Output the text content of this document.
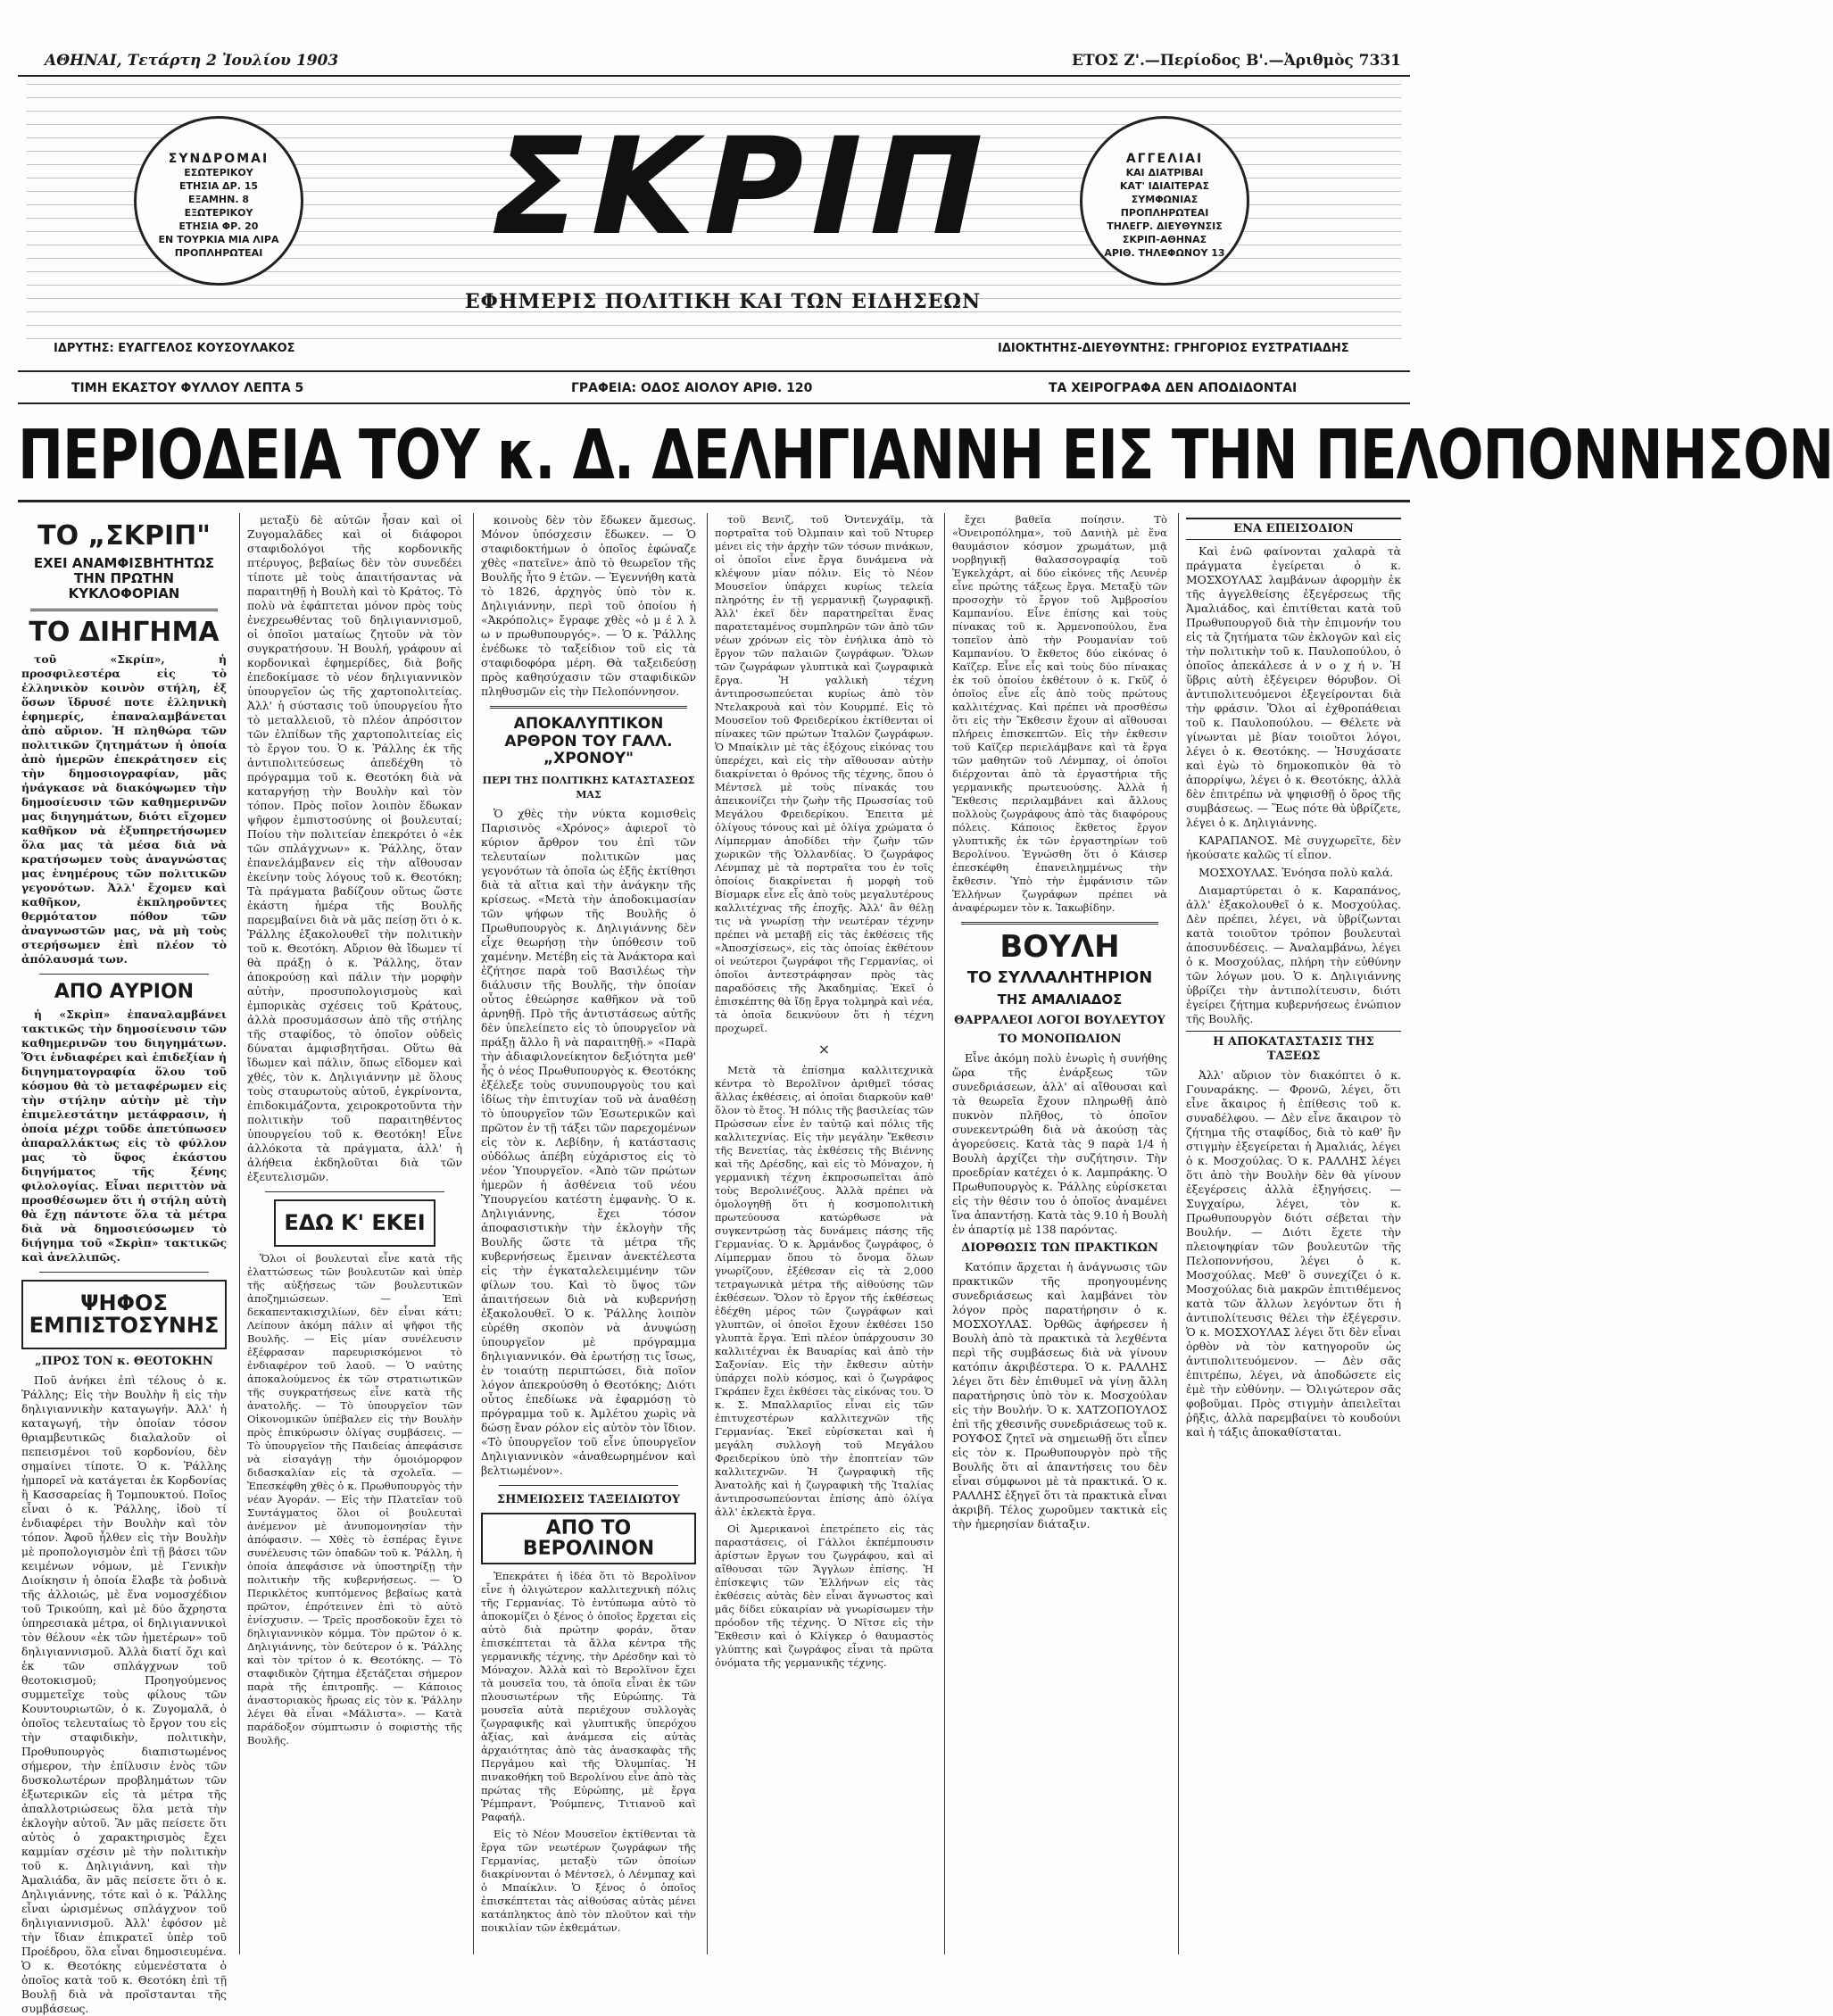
ΑΘΗΝΑΙ, Τετάρτη 2 Ἰουλίου 1903	ΕΤΟΣ Ζ'.—Περίοδος Β'.—Ἀριθμὸς 7331
ΣΥΝΔΡΟΜΑΙ
ΕΣΩΤΕΡΙΚΟΥ
ΕΤΗΣΙΑ ΔΡ. 15
ΕΞΑΜΗΝ. 8
ΕΞΩΤΕΡΙΚΟΥ
ΕΤΗΣΙΑ ΦΡ. 20
ΕΝ ΤΟΥΡΚΙΑ ΜΙΑ ΛΙΡΑ
ΠΡΟΠΛΗΡΩΤΕΑΙ ΣΚΡΙΠ
ΕΦΗΜΕΡΙΣ ΠΟΛΙΤΙΚΗ ΚΑΙ ΤΩΝ ΕΙΔΗΣΕΩΝ
ΑΓΓΕΛΙΑΙ
ΚΑΙ ΔΙΑΤΡΙΒΑΙ
ΚΑΤ' ΙΔΙΑΙΤΕΡΑΣ
ΣΥΜΦΩΝΙΑΣ
ΠΡΟΠΛΗΡΩΤΕΑΙ
ΤΗΛΕΓΡ. ΔΙΕΥΘΥΝΣΙΣ
ΣΚΡΙΠ-ΑΘΗΝΑΣ
ΑΡΙΘ. ΤΗΛΕΦΩΝΟΥ 13
ΙΔΡΥΤΗΣ: ΕΥΑΓΓΕΛΟΣ ΚΟΥΣΟΥΛΑΚΟΣ	ΙΔΙΟΚΤΗΤΗΣ-ΔΙΕΥΘΥΝΤΗΣ: ΓΡΗΓΟΡΙΟΣ ΕΥΣΤΡΑΤΙΑΔΗΣ
ΤΙΜΗ ΕΚΑΣΤΟΥ ΦΥΛΛΟΥ ΛΕΠΤΑ 5	ΓΡΑΦΕΙΑ: ΟΔΟΣ ΑΙΟΛΟΥ ΑΡΙΘ. 120	ΤΑ ΧΕΙΡΟΓΡΑΦΑ ΔΕΝ ΑΠΟΔΙΔΟΝΤΑΙ
ΠΕΡΙΟΔΕΙΑ ΤΟΥ κ. Δ. ΔΕΛΗΓΙΑΝΝΗ ΕΙΣ ΤΗΝ ΠΕΛΟΠΟΝΝΗΣΟΝ
ΤΟ „ΣΚΡΙΠ"
ΕΧΕΙ ΑΝΑΜΦΙΣΒΗΤΗΤΩΣ ΤΗΝ ΠΡΩΤΗΝ ΚΥΚΛΟΦΟΡΙΑΝ
ΤΟ ΔΙΗΓΗΜΑ

τοῦ «Σκρίπ», ἡ προσφιλεστέρα εἰς τὸ ἑλληνικὸν κοινὸν στήλη, ἐξ ὅσων ἵδρυσέ ποτε ἑλληνικὴ ἐφημερίς, ἐπαναλαμβάνεται ἀπὸ αὔριον. Ἡ πληθώρα τῶν πολιτικῶν ζητημάτων ἡ ὁποία ἀπὸ ἡμερῶν ἐπεκράτησεν εἰς τὴν δημοσιογραφίαν, μᾶς ἠνάγκασε νὰ διακόψωμεν τὴν δημοσίευσιν τῶν καθημερινῶν μας διηγημάτων, διότι εἴχομεν καθῆκον νὰ ἐξυπηρετήσωμεν ὅλα μας τὰ μέσα διὰ νὰ κρατήσωμεν τοὺς ἀναγνώστας μας ἐνημέρους τῶν πολιτικῶν γεγονότων. Ἀλλ' ἔχομεν καὶ καθῆκον, ἐκπληροῦντες θερμότατον πόθον τῶν ἀναγνωστῶν μας, νὰ μὴ τοὺς στερήσωμεν ἐπὶ πλέον τὸ ἀπόλαυσμά των.

ΑΠΟ ΑΥΡΙΟΝ

ἡ «Σκρὶπ» ἐπαναλαμβάνει τακτικῶς τὴν δημοσίευσιν τῶν καθημερινῶν του διηγημάτων. Ὅτι ἐνδιαφέρει καὶ ἐπιδεξίαν ἡ διηγηματογραφία ὅλου τοῦ κόσμου θὰ τὸ μεταφέρωμεν εἰς τὴν στήλην αὐτὴν μὲ τὴν ἐπιμελεστάτην μετάφρασιν, ἡ ὁποία μέχρι τοῦδε ἀπετύπωσεν ἀπαραλλάκτως εἰς τὸ φύλλον μας τὸ ὕφος ἑκάστου διηγήματος τῆς ξένης φιλολογίας. Εἶναι περιττὸν νὰ προσθέσωμεν ὅτι ἡ στήλη αὐτὴ θὰ ἔχῃ πάντοτε ὅλα τὰ μέτρα διὰ νὰ δημοσιεύσωμεν τὸ διήγημα τοῦ «Σκρὶπ» τακτικῶς καὶ ἀνελλιπῶς.

ΨΗΦΟΣ ΕΜΠΙΣΤΟΣΥΝΗΣ
„ΠΡΟΣ ΤΟΝ κ. ΘΕΟΤΟΚΗΝ

Ποῦ ἀνήκει ἐπὶ τέλους ὁ κ. Ῥάλλης; Εἰς τὴν Βουλὴν ἢ εἰς τὴν δηλιγιαννικὴν καταγωγήν. Ἀλλ' ἡ καταγωγή, τὴν ὁποίαν τόσον θριαμβευτικῶς διαλαλοῦν οἱ πεπεισμένοι τοῦ κορδονίου, δὲν σημαίνει τίποτε. Ὁ κ. Ῥάλλης ἡμπορεῖ νὰ κατάγεται ἐκ Κορδονίας ἢ Κασσαρείας ἢ Τομπουκτού. Ποῖος εἶναι ὁ κ. Ῥάλλης, ἰδοὺ τί ἐνδιαφέρει τὴν Βουλὴν καὶ τὸν τόπον. Ἀφοῦ ἦλθεν εἰς τὴν Βουλὴν μὲ προπολογισμὸν ἐπὶ τῇ βάσει τῶν κειμένων νόμων, μὲ Γενικὴν Διοίκησιν ἡ ὁποία ἔλαβε τὰ ῥοδινὰ τῆς ἀλλοιώς, μὲ ἕνα νομοσχέδιον τοῦ Τρικούπη, καὶ μὲ δύο ἄχρηστα ὑπηρεσιακὰ μέτρα, οἱ δηλιγιαννικοὶ τὸν θέλουν «ἐκ τῶν ἡμετέρων» τοῦ δηλιγιαννισμοῦ. Ἀλλὰ διατί ὄχι καὶ ἐκ τῶν σπλάγχνων τοῦ θεοτοκισμοῦ; Προηγούμενος συμμετεῖχε τοὺς φίλους τῶν Κουντουριωτῶν, ὁ κ. Ζυγομαλᾶ, ὁ ὁποῖος τελευταίως τὸ ἔργον του εἰς τὴν σταφιδικὴν, πολιτικὴν, Προθυπουργὸς διαπιστωμένος σήμερον, τὴν ἐπίλυσιν ἑνὸς τῶν δυσκολωτέρων προβλημάτων τῶν ἐξωτερικῶν εἰς τὰ μέτρα τῆς ἀπαλλοτριώσεως ὅλα μετὰ τὴν ἐκλογὴν αὐτοῦ. Ἂν μᾶς πείσετε ὅτι αὐτὸς ὁ χαρακτηρισμὸς ἔχει καμμίαν σχέσιν μὲ τὴν πολιτικὴν τοῦ κ. Δηλιγιάννη, καὶ τὴν Ἀμαλιάδα, ἂν μᾶς πείσετε ὅτι ὁ κ. Δηλιγιάννης, τότε καὶ ὁ κ. Ῥάλλης εἶναι ὡρισμένως σπλάγχνον τοῦ δηλιγιαννισμοῦ. Ἀλλ' ἐφόσον μὲ τὴν ἴδιαν ἐπικρατεῖ ὑπὲρ τοῦ Προέδρου, ὅλα εἶναι δημοσιευμένα. Ὁ κ. Θεοτόκης εὐμενέστατα ὁ ὁποῖος κατὰ τοῦ κ. Θεοτόκη ἐπὶ τῇ Βουλῇ διὰ νὰ προϊστανται τῆς συμβάσεως.

μεταξὺ δὲ αὐτῶν ἦσαν καὶ οἱ Ζυγομαλᾶδες καὶ οἱ διάφοροι σταφιδολόγοι τῆς κορδονικῆς πτέρυγος, βεβαίως δὲν τὸν συνεδέει τίποτε μὲ τοὺς ἀπαιτήσαντας νὰ παραιτηθῇ ἡ Βουλὴ καὶ τὸ Κράτος. Τὸ πολὺ νὰ ἐφάπτεται μόνον πρὸς τοὺς ἐνεχρεωθέντας τοῦ δηλιγιαννισμοῦ, οἱ ὁποῖοι ματαίως ζητοῦν νὰ τὸν συγκρατήσουν. Ἡ Βουλή, γράφουν αἱ κορδονικαὶ ἐφημερίδες, διὰ βοῆς ἐπεδοκίμασε τὸ νέον δηλιγιαννικὸν ὑπουργεῖον ὡς τῆς χαρτοπολιτείας. Ἀλλ' ἡ σύστασις τοῦ ὑπουργείου ἦτο τὸ μεταλλειοῦ, τὸ πλέον ἀπρόσιτον τῶν ἐλπίδων τῆς χαρτοπολιτείας εἰς τὸ ἔργον του. Ὁ κ. Ῥάλλης ἐκ τῆς ἀντιπολιτεύσεως ἀπεδέχθη τὸ πρόγραμμα τοῦ κ. Θεοτόκη διὰ νὰ καταργήσῃ τὴν Βουλὴν καὶ τὸν τόπον. Πρὸς ποῖον λοιπὸν ἔδωκαν ψῆφον ἐμπιστοσύνης οἱ βουλευταί; Ποίου τὴν πολιτείαν ἐπεκρότει ὁ «ἐκ τῶν σπλάγχνων» κ. Ῥάλλης, ὅταν ἐπανελάμβανεν εἰς τὴν αἴθουσαν ἐκείνην τοὺς λόγους τοῦ κ. Θεοτόκη; Τὰ πράγματα βαδίζουν οὕτως ὥστε ἑκάστη ἡμέρα τῆς Βουλῆς παρεμβαίνει διὰ νὰ μᾶς πείσῃ ὅτι ὁ κ. Ῥάλλης ἐξακολουθεῖ τὴν πολιτικὴν τοῦ κ. Θεοτόκη. Αὔριον θὰ ἴδωμεν τί θὰ πράξῃ ὁ κ. Ῥάλλης, ὅταν ἀποκρούσῃ καὶ πάλιν τὴν μορφὴν αὐτὴν, προσυπολογισμοὺς καὶ ἐμπορικὰς σχέσεις τοῦ Κράτους, ἀλλὰ προσυμάσσων ἀπὸ τῆς στήλης τῆς σταφίδος, τὸ ὁποῖον οὐδεὶς δύναται ἀμφισβητῆσαι. Οὕτω θὰ ἴδωμεν καὶ πάλιν, ὅπως εἴδομεν καὶ χθές, τὸν κ. Δηλιγιάννην μὲ ὅλους τοὺς σταυρωτοὺς αὐτοῦ, ἐγκρίνοντα, ἐπιδοκιμάζοντα, χειροκροτοῦντα τὴν πολιτικὴν τοῦ παραιτηθέντος ὑπουργείου τοῦ κ. Θεοτόκη! Εἶνε ἀλλόκοτα τὰ πράγματα, ἀλλ' ἡ ἀλήθεια ἐκδηλοῦται διὰ τῶν ἐξευτελισμῶν.

ΕΔΩ Κ' ΕΚΕΙ

Ὅλοι οἱ βουλευταὶ εἶνε κατὰ τῆς ἐλαττώσεως τῶν βουλευτῶν καὶ ὑπὲρ τῆς αὐξήσεως τῶν βουλευτικῶν ἀποζημιώσεων. — Ἐπὶ δεκαπεντακισχιλίων, δὲν εἶναι κάτι; Λείπουν ἀκόμη πάλιν αἱ ψῆφοι τῆς Βουλῆς. — Εἰς μίαν συνέλευσιν ἐξέφρασαν παρευρισκόμενοι τὸ ἐνδιαφέρον τοῦ λαοῦ. — Ὁ ναύτης ἀποκαλούμενος ἐκ τῶν στρατιωτικῶν τῆς συγκρατήσεως εἶνε κατὰ τῆς ἀνατολῆς. — Τὸ ὑπουργεῖον τῶν Οἰκονομικῶν ὑπέβαλεν εἰς τὴν Βουλὴν πρὸς ἐπικύρωσιν ὀλίγας συμβάσεις. — Τὸ ὑπουργεῖον τῆς Παιδείας ἀπεφάσισε νὰ εἰσαγάγῃ τὴν ὁμοιόμορφον διδασκαλίαν εἰς τὰ σχολεῖα. — Ἐπεσκέφθη χθὲς ὁ κ. Πρωθυπουργὸς τὴν νέαν Ἀγοράν. — Εἰς τὴν Πλατεῖαν τοῦ Συντάγματος ὅλοι οἱ βουλευταὶ ἀνέμενον μὲ ἀνυπομονησίαν τὴν ἀπόφασιν. — Χθὲς τὸ ἑσπέρας ἔγινε συνέλευσις τῶν ὀπαδῶν τοῦ κ. Ῥάλλη, ἡ ὁποία ἀπεφάσισε νὰ ὑποστηρίξῃ τὴν πολιτικὴν τῆς κυβερνήσεως. — Ὁ Περικλέτος κυπτόμενος βεβαίως κατὰ πρῶτον, ἐπρότεινεν ἐπὶ τὸ αὐτὸ ἐνίσχυσιν. — Τρεῖς προσδοκοῦν ἔχει τὸ δηλιγιαννικὸν κόμμα. Τὸν πρῶτον ὁ κ. Δηλιγιάννης, τὸν δεύτερον ὁ κ. Ῥάλλης καὶ τὸν τρίτον ὁ κ. Θεοτόκης. — Τὸ σταφιδικὸν ζήτημα ἐξετάζεται σήμερον παρὰ τῆς ἐπιτροπῆς. — Κάποιος ἀναστοριακὸς ἥρωας εἰς τὸν κ. Ῥάλλην λέγει θὰ εἶναι «Μάλιστα». — Κατὰ παράδοξον σύμπτωσιν ὁ σοφιστὴς τῆς Βουλῆς.

κοινοὺς δὲν τὸν ἔδωκεν ἄμεσως. Μόνον ὑπόσχεσιν ἔδωκεν. — Ὁ σταφιδοκτήμων ὁ ὁποῖος ἐφώναζε χθὲς «πατεῖνε» ἀπὸ τὸ θεωρεῖον τῆς Βουλῆς ἦτο 9 ἐτῶν. — Ἐγεννήθη κατὰ τὸ 1826, ἀρχηγὸς ὑπὸ τὸν κ. Δηλιγιάννην, περὶ τοῦ ὁποίου ἡ «Ἀκρόπολις» ἔγραφε χθὲς «ὁ μ έ λ λ ω ν πρωθυπουργός». — Ὁ κ. Ῥάλλης ἐνέδωκε τὸ ταξείδιον τοῦ εἰς τὰ σταφιδοφόρα μέρη. Θὰ ταξειδεύσῃ πρὸς καθησύχασιν τῶν σταφιδικῶν πληθυσμῶν εἰς τὴν Πελοπόννησον.

ΑΠΟΚΑΛΥΠΤΙΚΟΝ ΑΡΘΡΟΝ ΤΟΥ ΓΑΛΛ. „ΧΡΟΝΟΥ"
ΠΕΡΙ ΤΗΣ ΠΟΛΙΤΙΚΗΣ ΚΑΤΑΣΤΑΣΕΩΣ ΜΑΣ

Ὁ χθὲς τὴν νύκτα κομισθεὶς Παρισινὸς «Χρόνος» ἀφιεροῖ τὸ κύριον ἄρθρον του ἐπὶ τῶν τελευταίων πολιτικῶν μας γεγονότων τὰ ὁποῖα ὡς ἑξῆς ἐκτίθησι διὰ τὰ αἴτια καὶ τὴν ἀνάγκην τῆς κρίσεως. «Μετὰ τὴν ἀποδοκιμασίαν τῶν ψήφων τῆς Βουλῆς ὁ Πρωθυπουργὸς κ. Δηλιγιάννης δὲν εἶχε θεωρήσῃ τὴν ὑπόθεσιν τοῦ χαμένην. Μετέβη εἰς τὰ Ἀνάκτορα καὶ ἐζήτησε παρὰ τοῦ Βασιλέως τὴν διάλυσιν τῆς Βουλῆς, τὴν ὁποίαν οὗτος ἐθεώρησε καθῆκον νὰ τοῦ ἀρνηθῇ. Πρὸ τῆς ἀντιστάσεως αὐτῆς δὲν ὑπελείπετο εἰς τὸ ὑπουργεῖον νὰ πράξῃ ἄλλο ἢ νὰ παραιτηθῇ.» «Παρὰ τὴν ἀδιαφιλονείκητον δεξιότητα μεθ' ἧς ὁ νέος Πρωθυπουργὸς κ. Θεοτόκης ἐξέλεξε τοὺς συνυπουργοὺς του καὶ ἰδίως τὴν ἐπιτυχίαν τοῦ νὰ ἀναθέσῃ τὸ ὑπουργεῖον τῶν Ἐσωτερικῶν καὶ πρῶτον ἐν τῇ τάξει τῶν παρεχομένων εἰς τὸν κ. Λεβίδην, ἡ κατάστασις οὐδόλως ἀπέβη εὐχάριστος εἰς τὸ νέον Ὑπουργεῖον. «Ἀπὸ τῶν πρώτων ἡμερῶν ἡ ἀσθένεια τοῦ νέου Ὑπουργείου κατέστη ἐμφανὴς. Ὁ κ. Δηλιγιάννης, ἔχει τόσον ἀποφασιστικὴν τὴν ἐκλογὴν τῆς Βουλῆς ὥστε τὰ μέτρα τῆς κυβερνήσεως ἔμειναν ἀνεκτέλεστα εἰς τὴν ἐγκαταλελειμμένην τῶν φίλων του. Καὶ τὸ ὕψος τῶν ἀπαιτήσεων διὰ νὰ κυβερνήσῃ ἐξακολουθεῖ. Ὁ κ. Ῥάλλης λοιπὸν εὑρέθη σκοπὸν νὰ ἀνυψώσῃ ὑπουργεῖον μὲ πρόγραμμα δηλιγιαννικόν. Θὰ ἐρωτήσῃ τις ἴσως, ἐν τοιαύτῃ περιπτώσει, διὰ ποῖον λόγον ἀπεκρούσθη ὁ Θεοτόκης; Διότι οὗτος ἐπεδίωκε νὰ ἐφαρμόσῃ τὸ πρόγραμμα τοῦ κ. Ἀμλέτου χωρὶς νὰ δώσῃ ἔναν ρόλον εἰς αὐτὸν τὸν ἴδιον. «Τὸ ὑπουργεῖον τοῦ εἶνε ὑπουργεῖον Δηλιγιαννικὸν «ἀναθεωρημένον καὶ βελτιωμένον».

ΣΗΜΕΙΩΣΕΙΣ ΤΑΞΕΙΔΙΩΤΟΥ
ΑΠΟ ΤΟ ΒΕΡΟΛΙΝΟΝ

Ἐπεκράτει ἡ ἰδέα ὅτι τὸ Βερολῖνον εἶνε ἡ ὀλιγώτερον καλλιτεχνικὴ πόλις τῆς Γερμανίας. Τὸ ἐντύπωμα αὐτὸ τὸ ἀποκομίζει ὁ ξένος ὁ ὁποῖος ἔρχεται εἰς αὐτὸ διὰ πρώτην φοράν, ὅταν ἐπισκέπτεται τὰ ἄλλα κέντρα τῆς γερμανικῆς τέχνης, τὴν Δρέσδην καὶ τὸ Μόναχον. Ἀλλὰ καὶ τὸ Βερολῖνον ἔχει τὰ μουσεῖα του, τὰ ὁποῖα εἶναι ἐκ τῶν πλουσιωτέρων τῆς Εὐρώπης. Τὰ μουσεῖα αὐτὰ περιέχουν συλλογὰς ζωγραφικῆς καὶ γλυπτικῆς ὑπερόχου ἀξίας, καὶ ἀνάμεσα εἰς αὐτὰς ἀρχαιότητας ἀπὸ τὰς ἀνασκαφὰς τῆς Περγάμου καὶ τῆς Ὀλυμπίας. Ἡ πινακοθήκη τοῦ Βερολίνου εἶνε ἀπὸ τὰς πρώτας τῆς Εὐρώπης, μὲ ἔργα Ῥέμπραντ, Ῥούμπενς, Τιτιανοῦ καὶ Ραφαήλ.

Εἰς τὸ Νέον Μουσεῖον ἐκτίθενται τὰ ἔργα τῶν νεωτέρων ζωγράφων τῆς Γερμανίας, μεταξὺ τῶν ὁποίων διακρίνονται ὁ Μέντσελ, ὁ Λένμπαχ καὶ ὁ Μπαίκλιν. Ὁ ξένος ὁ ὁποῖος ἐπισκέπτεται τὰς αἰθούσας αὐτὰς μένει κατάπληκτος ἀπὸ τὸν πλοῦτον καὶ τὴν ποικιλίαν τῶν ἐκθεμάτων.

τοῦ Βενιζ, τοῦ Ὀντενχάϊμ, τὰ πορτραῖτα τοῦ Ὀλμπαιν καὶ τοῦ Ντυρερ μένει εἰς τὴν ἀρχὴν τῶν τόσων πινάκων, οἱ ὁποῖοι εἶνε ἔργα δυνάμενα νὰ κλέψουν μίαν πόλιν. Εἰς τὸ Νέον Μουσεῖον ὑπάρχει κυρίως τελεία πληρότης ἐν τῇ γερμανικῇ ζωγραφικῇ. Ἀλλ' ἐκεῖ δὲν παρατηρεῖται ἕνας παρατεταμένος συμπληρῶν τῶν ἀπὸ τῶν νέων χρόνων εἰς τὸν ἐνήλικα ἀπὸ τὸ ἔργον τῶν παλαιῶν ζωγράφων. Ὅλων τῶν ζωγράφων γλυπτικὰ καὶ ζωγραφικὰ ἔργα. Ἡ γαλλικὴ τέχνη ἀντιπροσωπεύεται κυρίως ἀπὸ τὸν Ντελακρουὰ καὶ τὸν Κουρμπέ. Εἰς τὸ Μουσεῖον τοῦ Φρειδερίκου ἐκτίθενται οἱ πίνακες τῶν πρώτων Ἰταλῶν ζωγράφων. Ὁ Μπαίκλιν μὲ τὰς ἐξόχους εἰκόνας του ὑπερέχει, καὶ εἰς τὴν αἴθουσαν αὐτὴν διακρίνεται ὁ θρόνος τῆς τέχνης, ὅπου ὁ Μέντσελ μὲ τοὺς πίνακάς του ἀπεικονίζει τὴν ζωὴν τῆς Πρωσσίας τοῦ Μεγάλου Φρειδερίκου. Ἐπειτα μὲ ὀλίγους τόνους καὶ μὲ ὀλίγα χρώματα ὁ Λίμπερμαν ἀποδίδει τὴν ζωὴν τῶν χωρικῶν τῆς Ὁλλανδίας. Ὁ ζωγράφος Λένμπαχ μὲ τὰ πορτραῖτα του ἐν τοῖς ὁποίοις διακρίνεται ἡ μορφὴ τοῦ Βίσμαρκ εἶνε εἷς ἀπὸ τοὺς μεγαλυτέρους καλλιτέχνας τῆς ἐποχῆς. Ἀλλ' ἂν θέλῃ τις νὰ γνωρίσῃ τὴν νεωτέραν τέχνην πρέπει νὰ μεταβῇ εἰς τὰς ἐκθέσεις τῆς «Ἀποσχίσεως», εἰς τὰς ὁποίας ἐκθέτουν οἱ νεώτεροι ζωγράφοι τῆς Γερμανίας, οἱ ὁποῖοι ἀντεστράφησαν πρὸς τὰς παραδόσεις τῆς Ἀκαδημίας. Ἐκεῖ ὁ ἐπισκέπτης θὰ ἴδῃ ἔργα τολμηρὰ καὶ νέα, τὰ ὁποῖα δεικνύουν ὅτι ἡ τέχνη προχωρεῖ.

×

Μετὰ τὰ ἐπίσημα καλλιτεχνικὰ κέντρα τὸ Βερολῖνον ἀριθμεῖ τόσας ἄλλας ἐκθέσεις, αἱ ὁποῖαι διαρκοῦν καθ' ὅλον τὸ ἔτος. Ἡ πόλις τῆς βασιλείας τῶν Πρώσσων εἶνε ἐν ταὐτῷ καὶ πόλις τῆς καλλιτεχνίας. Εἰς τὴν μεγάλην Ἔκθεσιν τῆς Βενετίας, τὰς ἐκθέσεις τῆς Βιέννης καὶ τῆς Δρέσδης, καὶ εἰς τὸ Μόναχον, ἡ γερμανικὴ τέχνη ἐκπροσωπεῖται ἀπὸ τοὺς Βερολινέζους. Ἀλλὰ πρέπει νὰ ὁμολογηθῇ ὅτι ἡ κοσμοπολιτικὴ πρωτεύουσα κατώρθωσε νὰ συγκεντρώσῃ τὰς δυνάμεις πάσης τῆς Γερμανίας. Ὁ κ. Ἀρμάνδος ζωγράφος, ὁ Λίμπερμαν ὅπου τὸ ὄνομα ὅλων γνωρίζουν, ἐξέθεσαν εἰς τὰ 2,000 τετραγωνικὰ μέτρα τῆς αἰθούσης τῶν ἐκθέσεων. Ὅλον τὸ ἔργον τῆς ἐκθέσεως ἐδέχθη μέρος τῶν ζωγράφων καὶ γλυπτῶν, οἱ ὁποῖοι ἔχουν ἐκθέσει 150 γλυπτὰ ἔργα. Ἐπὶ πλέον ὑπάρχουσιν 30 καλλιτέχναι ἐκ Βαυαρίας καὶ ἀπὸ τὴν Σαξονίαν. Εἰς τὴν ἔκθεσιν αὐτὴν ὑπάρχει πολὺ κόσμος, καὶ ὁ ζωγράφος Γκράπεν ἔχει ἐκθέσει τὰς εἰκόνας του. Ὁ κ. Σ. Μπαλλαριῖος εἶναι εἰς τῶν ἐπιτυχεστέρων καλλιτεχνῶν τῆς Γερμανίας. Ἐκεῖ εὑρίσκεται καὶ ἡ μεγάλη συλλογὴ τοῦ Μεγάλου Φρειδερίκου ὑπὸ τὴν ἐποπτείαν τῶν καλλιτεχνῶν. Ἡ ζωγραφικὴ τῆς Ἀνατολῆς καὶ ἡ ζωγραφικὴ τῆς Ἰταλίας ἀντιπροσωπεύονται ἐπίσης ἀπὸ ὀλίγα ἀλλ' ἐκλεκτὰ ἔργα.

Οἱ Ἀμερικανοὶ ἐπετρέπετο εἰς τὰς παραστάσεις, οἱ Γάλλοι ἐκπέμπουσιν ἀρίστων ἔργων του ζωγράφου, καὶ αἱ αἴθουσαι τῶν Ἄγγλων ἐπίσης. Ἡ ἐπίσκεψις τῶν Ἑλλήνων εἰς τὰς ἐκθέσεις αὐτὰς δὲν εἶναι ἄγνωστος καὶ μᾶς δίδει εὐκαιρίαν νὰ γνωρίσωμεν τὴν πρόοδον τῆς τέχνης. Ὁ Νῖτσε εἰς τὴν Ἔκθεσιν καὶ ὁ Κλίγκερ ὁ θαυμαστὸς γλύπτης καὶ ζωγράφος εἶναι τὰ πρῶτα ὀνόματα τῆς γερμανικῆς τέχνης.

ἔχει βαθεῖα ποίησιν. Τὸ «Ὀνειροπόλημα», τοῦ Δανιὴλ μὲ ἕνα θαυμάσιον κόσμον χρωμάτων, μιᾷ νορβηγικῇ θαλασσογραφίᾳ τοῦ Ἐγκελχάρτ, αἱ δύο εἰκόνες τῆς Λευνέρ εἶνε πρώτης τάξεως ἔργα. Μεταξὺ τῶν προσοχὴν τὸ ἔργον τοῦ Ἀμβροσίου Καμπανίου. Εἶνε ἐπίσης καὶ τοὺς πίνακας τοῦ κ. Ἀρμενοπούλου, ἔνα τοπεῖον ἀπὸ τὴν Ρουμανίαν τοῦ Καμπανίου. Ὁ ἔκθετος δύο εἰκόνας ὁ Καϊζερ. Εἶνε εἷς καὶ τοὺς δύο πίνακας ἐκ τοῦ ὁποίου ἐκθέτουν ὁ κ. Γκῦζ ὁ ὁποῖος εἶνε εἷς ἀπὸ τοὺς πρώτους καλλιτέχνας. Καὶ πρέπει νὰ προσθέσω ὅτι εἰς τὴν Ἔκθεσιν ἔχουν αἱ αἴθουσαι πλήρεις ἐπισκεπτῶν. Εἰς τὴν ἐκθεσιν τοῦ Καϊζερ περιελάμβανε καὶ τὰ ἔργα τῶν μαθητῶν τοῦ Λένμπαχ, οἱ ὁποῖοι διέρχονται ἀπὸ τὰ ἐργαστήρια τῆς γερμανικῆς πρωτευούσης. Ἀλλὰ ἡ Ἔκθεσις περιλαμβάνει καὶ ἄλλους πολλοὺς ζωγράφους ἀπὸ τὰς διαφόρους πόλεις. Κάποιος ἔκθετος ἔργον γλυπτικῆς ἐκ τῶν ἐργαστηρίων τοῦ Βερολίνου. Ἐγνώσθη ὅτι ὁ Κάισερ ἐπεσκέφθη ἐπανειλημμένως τὴν ἔκθεσιν. Ὑπὸ τὴν ἐμφάνισιν τῶν Ἑλλήνων ζωγράφων πρέπει νὰ ἀναφέρωμεν τὸν κ. Ἰακωβίδην.

ΒΟΥΛΗ
ΤΟ ΣΥΛΛΑΛΗΤΗΡΙΟΝ
ΤΗΣ ΑΜΑΛΙΑΔΟΣ
ΘΑΡΡΑΛΕΟΙ ΛΟΓΟΙ ΒΟΥΛΕΥΤΟΥ
ΤΟ ΜΟΝΟΠΩΛΙΟΝ

Εἶνε ἀκόμη πολὺ ἐνωρὶς ἡ συνήθης ὥρα τῆς ἐνάρξεως τῶν συνεδριάσεων, ἀλλ' αἱ αἴθουσαι καὶ τὰ θεωρεῖα ἔχουν πληρωθῇ ἀπὸ πυκνὸν πλῆθος, τὸ ὁποῖον συνεκεντρώθη διὰ νὰ ἀκούσῃ τὰς ἀγορεύσεις. Κατὰ τὰς 9 παρὰ 1/4 ἡ Βουλὴ ἀρχίζει τὴν συζήτησιν. Τὴν προεδρίαν κατέχει ὁ κ. Λαμπράκης. Ὁ Πρωθυπουργὸς κ. Ῥάλλης εὑρίσκεται εἰς τὴν θέσιν του ὁ ὁποῖος ἀναμένει ἵνα ἀπαντήσῃ. Κατὰ τὰς 9.10 ἡ Βουλὴ ἐν ἀπαρτίᾳ μὲ 138 παρόντας.

ΔΙΟΡΘΩΣΙΣ ΤΩΝ ΠΡΑΚΤΙΚΩΝ

Κατόπιν ἄρχεται ἡ ἀνάγνωσις τῶν πρακτικῶν τῆς προηγουμένης συνεδριάσεως καὶ λαμβάνει τὸν λόγον πρὸς παρατήρησιν ὁ κ. ΜΟΣΧΟΥΛΑΣ. Ὀρθῶς ἀφήρεσεν ἡ Βουλὴ ἀπὸ τὰ πρακτικὰ τὰ λεχθέντα περὶ τῆς συμβάσεως διὰ νὰ γίνουν κατόπιν ἀκριβέστερα. Ὁ κ. ΡΑΛΛΗΣ λέγει ὅτι δὲν ἐπιθυμεῖ νὰ γίνῃ ἄλλη παρατήρησις ὑπὸ τὸν κ. Μοσχούλαν εἰς τὴν Βουλήν. Ὁ κ. ΧΑΤΖΟΠΟΥΛΟΣ ἐπὶ τῆς χθεσινῆς συνεδριάσεως τοῦ κ. ΡΟΥΦΟΣ ζητεῖ νὰ σημειωθῇ ὅτι εἶπεν εἰς τὸν κ. Πρωθυπουργὸν πρὸ τῆς Βουλῆς ὅτι αἱ ἀπαντήσεις του δὲν εἶναι σύμφωνοι μὲ τὰ πρακτικά. Ὁ κ. ΡΑΛΛΗΣ ἐξηγεῖ ὅτι τὰ πρακτικὰ εἶναι ἀκριβῆ. Τέλος χωροῦμεν τακτικὰ εἰς τὴν ἡμερησίαν διάταξιν.

ΕΝΑ ΕΠΕΙΣΟΔΙΟΝ

Καὶ ἐνῶ φαίνονται χαλαρὰ τὰ πράγματα ἐγείρεται ὁ κ. ΜΟΣΧΟΥΛΑΣ λαμβάνων ἀφορμὴν ἐκ τῆς ἀγγελθείσης ἐξεγέρσεως τῆς Ἀμαλιάδος, καὶ ἐπιτίθεται κατὰ τοῦ Πρωθυπουργοῦ διὰ τὴν ἐπιμονήν του εἰς τὰ ζητήματα τῶν ἐκλογῶν καὶ εἰς τὴν πολιτικὴν τοῦ κ. Παυλοπούλου, ὁ ὁποῖος ἀπεκάλεσε ἀ ν ο χ ή ν. Ἡ ὕβρις αὐτὴ ἐξέγειρεν θόρυβον. Οἱ ἀντιπολιτευόμενοι ἐξεγείρονται διὰ τὴν φράσιν. Ὅλοι αἱ ἐχθροπάθειαι τοῦ κ. Παυλοπούλου. — Θέλετε νὰ γίνωνται μὲ βίαν τοιοῦτοι λόγοι, λέγει ὁ κ. Θεοτόκης. — Ἠσυχάσατε καὶ ἐγὼ τὸ δημοκοπικὸν θὰ τὸ ἀπορρίψω, λέγει ὁ κ. Θεοτόκης, ἀλλὰ δὲν ἐπιτρέπω νὰ ψηφισθῇ ὁ ὅρος τῆς συμβάσεως. — Ἕως πότε θὰ ὑβρίζετε, λέγει ὁ κ. Δηλιγιάννης.

ΚΑΡΑΠΑΝΟΣ. Μὲ συγχωρεῖτε, δὲν ἠκούσατε καλῶς τί εἶπον.

ΜΟΣΧΟΥΛΑΣ. Ἐνόησα πολὺ καλά.

Διαμαρτύρεται ὁ κ. Καραπάνος, ἀλλ' ἐξακολουθεῖ ὁ κ. Μοσχούλας. Δὲν πρέπει, λέγει, νὰ ὑβρίζωνται κατὰ τοιοῦτον τρόπον βουλευταὶ ἀποσυνδέσεις. — Ἀναλαμβάνω, λέγει ὁ κ. Μοσχούλας, πλήρη τὴν εὐθύνην τῶν λόγων μου. Ὁ κ. Δηλιγιάννης ὑβρίζει τὴν ἀντιπολίτευσιν, διότι ἐγείρει ζήτημα κυβερνήσεως ἐνώπιον τῆς Βουλῆς.

Η ΑΠΟΚΑΤΑΣΤΑΣΙΣ ΤΗΣ ΤΑΞΕΩΣ

Ἀλλ' αὔριον τὸν διακόπτει ὁ κ. Γουναράκης. — Φρονῶ, λέγει, ὅτι εἶνε ἄκαιρος ἡ ἐπίθεσις τοῦ κ. συναδέλφου. — Δὲν εἶνε ἄκαιρον τὸ ζήτημα τῆς σταφίδος, διὰ τὸ καθ' ἣν στιγμὴν ἐξεγείρεται ἡ Ἀμαλιάς, λέγει ὁ κ. Μοσχούλας. Ὁ κ. ΡΑΛΛΗΣ λέγει ὅτι ἀπὸ τὴν Βουλὴν δὲν θὰ γίνουν ἐξεγέρσεις ἀλλὰ ἐξηγήσεις. — Συγχαίρω, λέγει, τὸν κ. Πρωθυπουργὸν διότι σέβεται τὴν Βουλήν. — Διότι ἔχετε τὴν πλειοψηφίαν τῶν βουλευτῶν τῆς Πελοποννήσου, λέγει ὁ κ. Μοσχούλας. Μεθ' ὃ συνεχίζει ὁ κ. Μοσχούλας διὰ μακρῶν ἐπιτιθέμενος κατὰ τῶν ἄλλων λεγόντων ὅτι ἡ ἀντιπολίτευσις θέλει τὴν ἐξέγερσιν. Ὁ κ. ΜΟΣΧΟΥΛΑΣ λέγει ὅτι δὲν εἶναι ὀρθὸν νὰ τὸν κατηγοροῦν ὡς ἀντιπολιτευόμενον. — Δὲν σᾶς ἐπιτρέπω, λέγει, νὰ ἀποδώσετε εἰς ἐμὲ τὴν εὐθύνην. — Ὀλιγώτερον σᾶς φοβοῦμαι. Πρὸς στιγμὴν ἀπειλεῖται ῥῆξις, ἀλλὰ παρεμβαίνει τὸ κουδούνι καὶ ἡ τάξις ἀποκαθίσταται.
